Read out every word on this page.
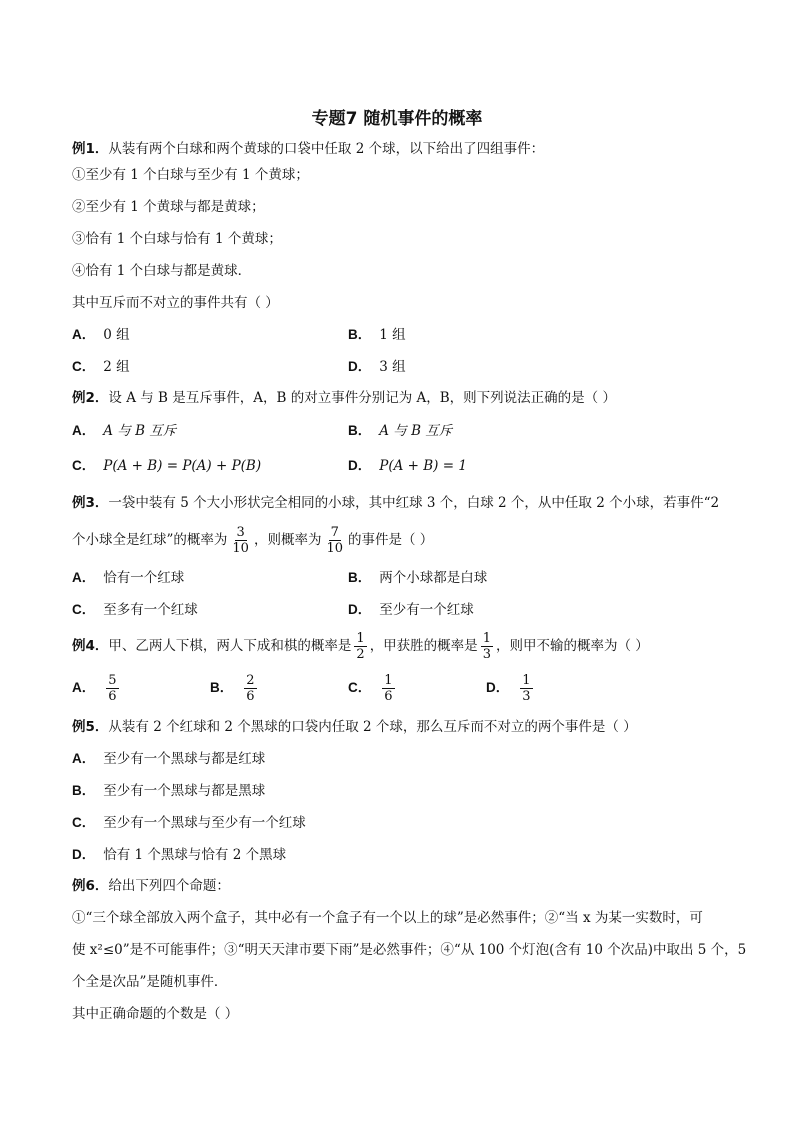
专题7 随机事件的概率
例1．从装有两个白球和两个黄球的口袋中任取 2 个球，以下给出了四组事件：
①至少有 1 个白球与至少有 1 个黄球；
②至少有 1 个黄球与都是黄球；
③恰有 1 个白球与恰有 1 个黄球；
④恰有 1 个白球与都是黄球．
其中互斥而不对立的事件共有（ ）
A． 0 组	B． 1 组
C． 2 组	D． 3 组
例2．设 A 与 B 是互斥事件，A，B 的对立事件分别记为 A，B，则下列说法正确的是（ ）
A． A 与 B 互斥	B． A 与 B 互斥
C． P(A + B) = P(A) + P(B)	D． P(A + B) = 1
例3．一袋中装有 5 个大小形状完全相同的小球，其中红球 3 个，白球 2 个，从中任取 2 个小球，若事件“2
个小球全是红球”的概率为 $\frac{3}{10}$ ，则概率为 $\frac{7}{10}$ 的事件是（ ）
A． 恰有一个红球	B． 两个小球都是白球
C． 至多有一个红球	D． 至少有一个红球
例4．甲、乙两人下棋，两人下成和棋的概率是 $\frac{1}{2}$ ，甲获胜的概率是 $\frac{1}{3}$ ，则甲不输的概率为（ ）
A． $\frac{5}{6}$	B． $\frac{2}{6}$	C． $\frac{1}{6}$	D． $\frac{1}{3}$
例5．从装有 2 个红球和 2 个黑球的口袋内任取 2 个球，那么互斥而不对立的两个事件是（ ）
A． 至少有一个黑球与都是红球
B． 至少有一个黑球与都是黑球
C． 至少有一个黑球与至少有一个红球
D． 恰有 1 个黑球与恰有 2 个黑球
例6．给出下列四个命题：
①“三个球全部放入两个盒子，其中必有一个盒子有一个以上的球”是必然事件；②“当 x 为某一实数时，可
使 x²≤0”是不可能事件；③“明天天津市要下雨”是必然事件；④“从 100 个灯泡(含有 10 个次品)中取出 5 个，5
个全是次品”是随机事件．
其中正确命题的个数是（ ）
